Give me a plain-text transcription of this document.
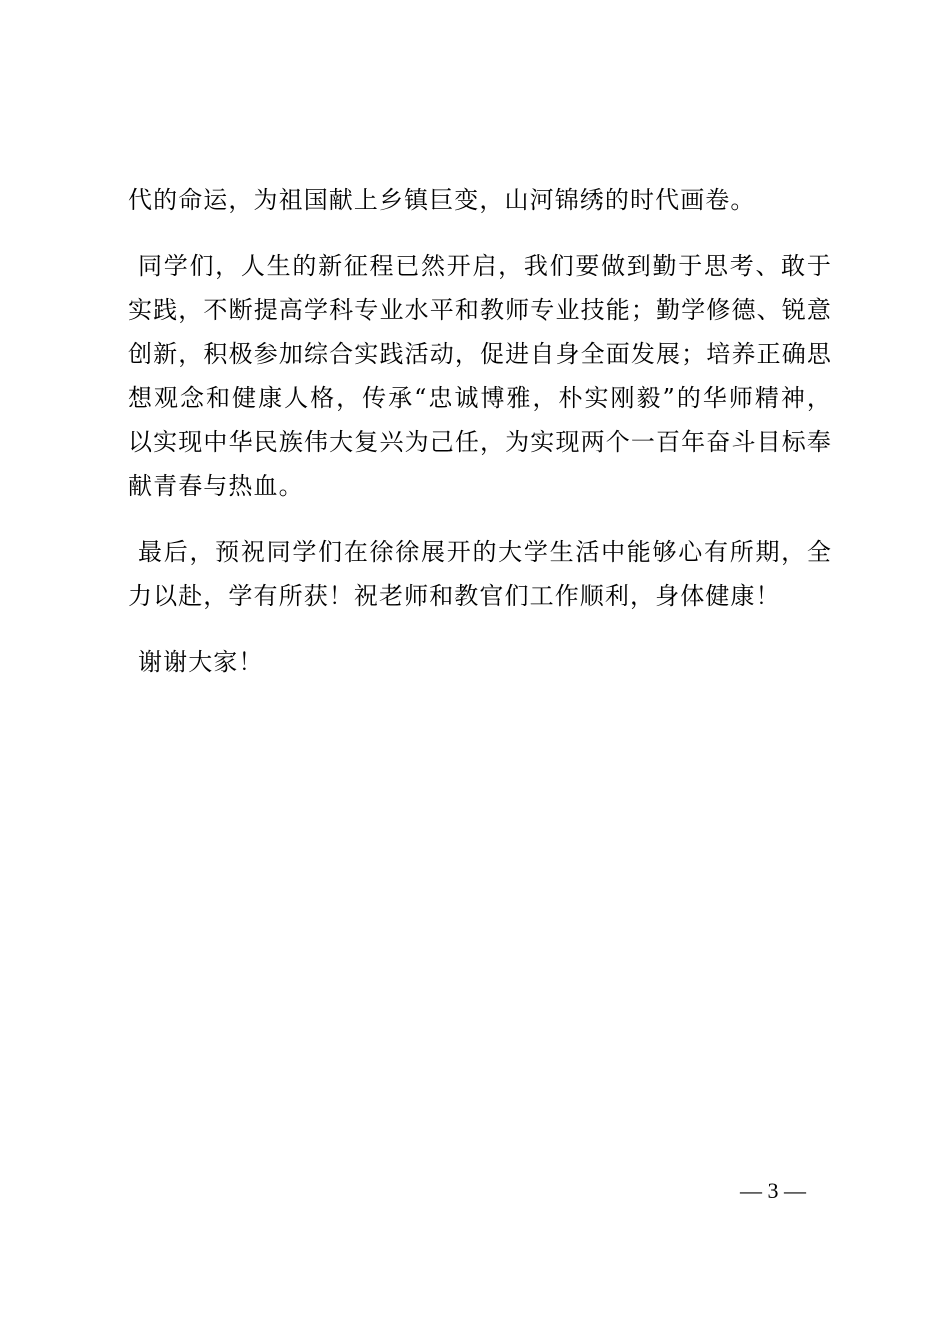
代的命运，为祖国献上乡镇巨变，山河锦绣的时代画卷。

同学们，人生的新征程已然开启，我们要做到勤于思考、敢于实践，不断提高学科专业水平和教师专业技能；勤学修德、锐意创新，积极参加综合实践活动，促进自身全面发展；培养正确思想观念和健康人格，传承“忠诚博雅，朴实刚毅”的华师精神，以实现中华民族伟大复兴为己任，为实现两个一百年奋斗目标奉献青春与热血。

最后，预祝同学们在徐徐展开的大学生活中能够心有所期，全力以赴，学有所获！祝老师和教官们工作顺利，身体健康！

谢谢大家！

— 3 —
